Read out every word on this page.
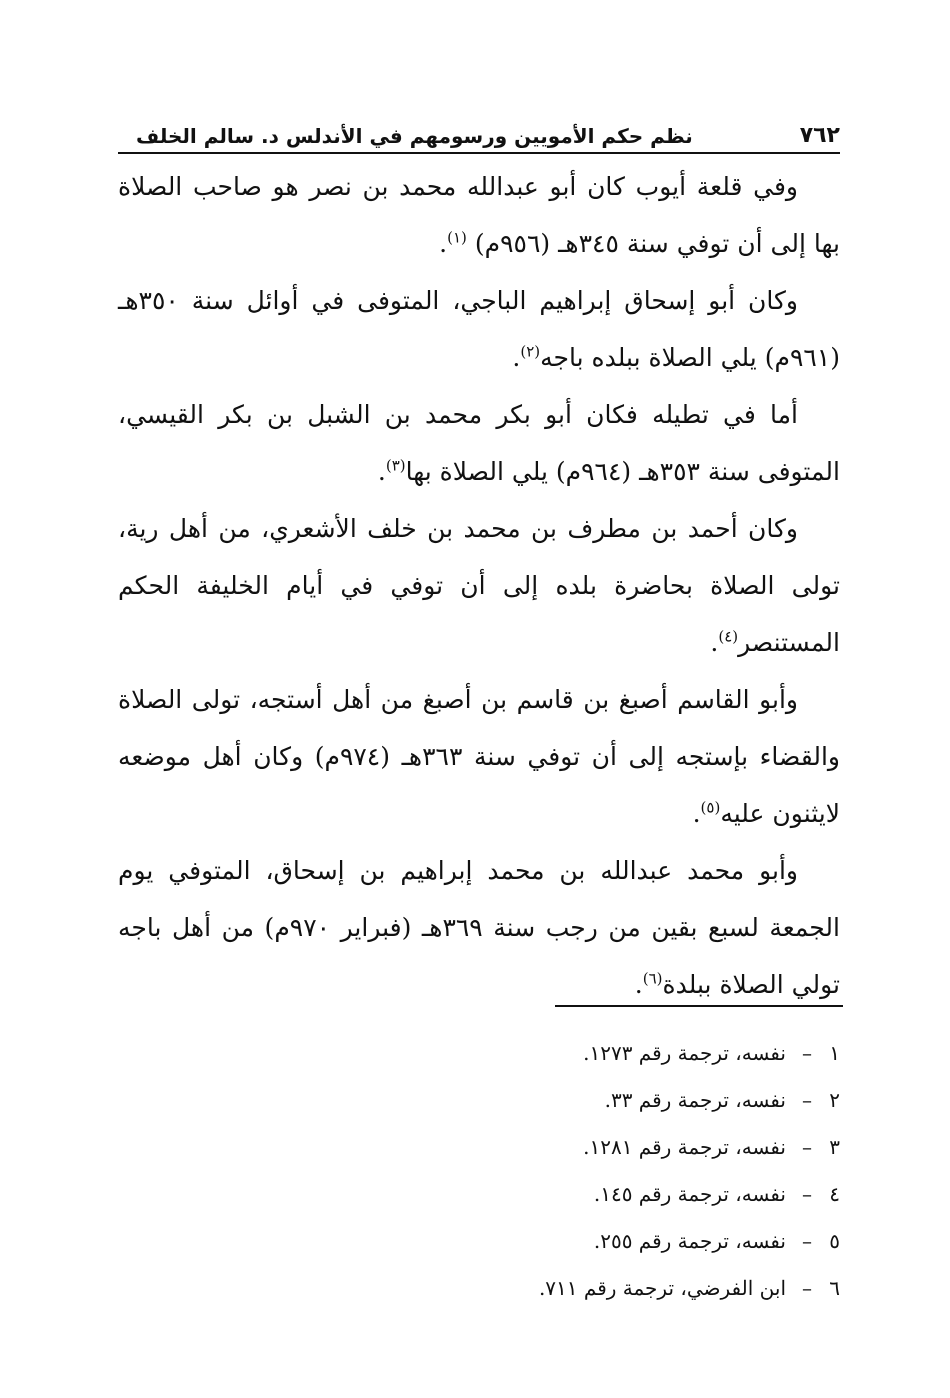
٧٦٢
نظم حكم الأمويين ورسومهم في الأندلس د. سالم الخلف

وفي قلعة أيوب كان أبو عبدالله محمد بن نصر هو صاحب الصلاة بها إلى أن توفي سنة ٣٤٥هـ (٩٥٦م) $^{(١)}$.

وكان أبو إسحاق إبراهيم الباجي، المتوفى في أوائل سنة ٣٥٠هـ (٩٦١م) يلي الصلاة ببلده باجه$^{(٢)}$.

أما في تطيله فكان أبو بكر محمد بن الشبل بن بكر القيسي، المتوفى سنة ٣٥٣هـ (٩٦٤م) يلي الصلاة بها$^{(٣)}$.

وكان أحمد بن مطرف بن محمد بن خلف الأشعري، من أهل رية، تولى الصلاة بحاضرة بلده إلى أن توفي في أيام الخليفة الحكم المستنصر$^{(٤)}$.

وأبو القاسم أصبغ بن قاسم بن أصبغ من أهل أستجه، تولى الصلاة والقضاء بإستجه إلى أن توفي سنة ٣٦٣هـ (٩٧٤م) وكان أهل موضعه لايثنون عليه$^{(٥)}$.

وأبو محمد عبدالله بن محمد إبراهيم بن إسحاق، المتوفي يوم الجمعة لسبع بقين من رجب سنة ٣٦٩هـ (فبراير ٩٧٠م) من أهل باجه تولي الصلاة ببلدة$^{(٦)}$.

١
–
نفسه، ترجمة رقم ١٢٧٣.
٢
–
نفسه، ترجمة رقم ٣٣.
٣
–
نفسه، ترجمة رقم ١٢٨١.
٤
–
نفسه، ترجمة رقم ١٤٥.
٥
–
نفسه، ترجمة رقم ٢٥٥.
٦
–
ابن الفرضي، ترجمة رقم ٧١١.
